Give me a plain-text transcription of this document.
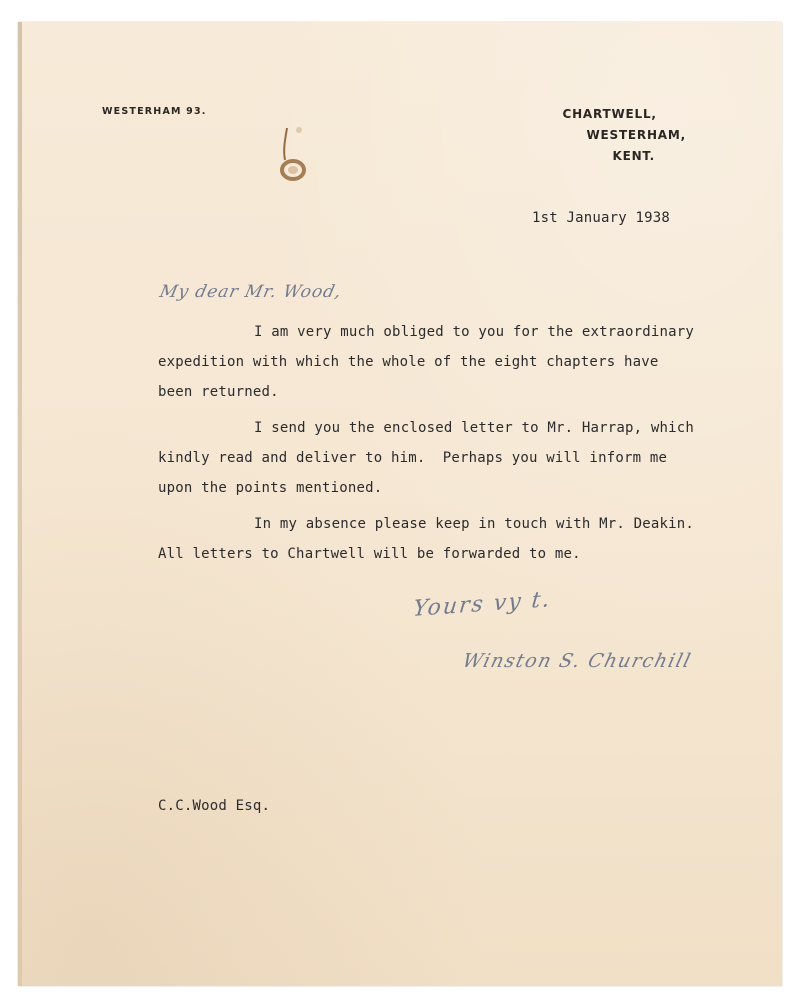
WESTERHAM 93.	CHARTWELL,
WESTERHAM,
KENT.
1st January 1938
My dear Mr. Wood,
I am very much obliged to you for the extraordinary
expedition with which the whole of the eight chapters have
been returned.
I send you the enclosed letter to Mr. Harrap, which
kindly read and deliver to him.  Perhaps you will inform me
upon the points mentioned.
In my absence please keep in touch with Mr. Deakin.
All letters to Chartwell will be forwarded to me.
Yours vy t.
Winston S. Churchill
C.C.Wood Esq.
